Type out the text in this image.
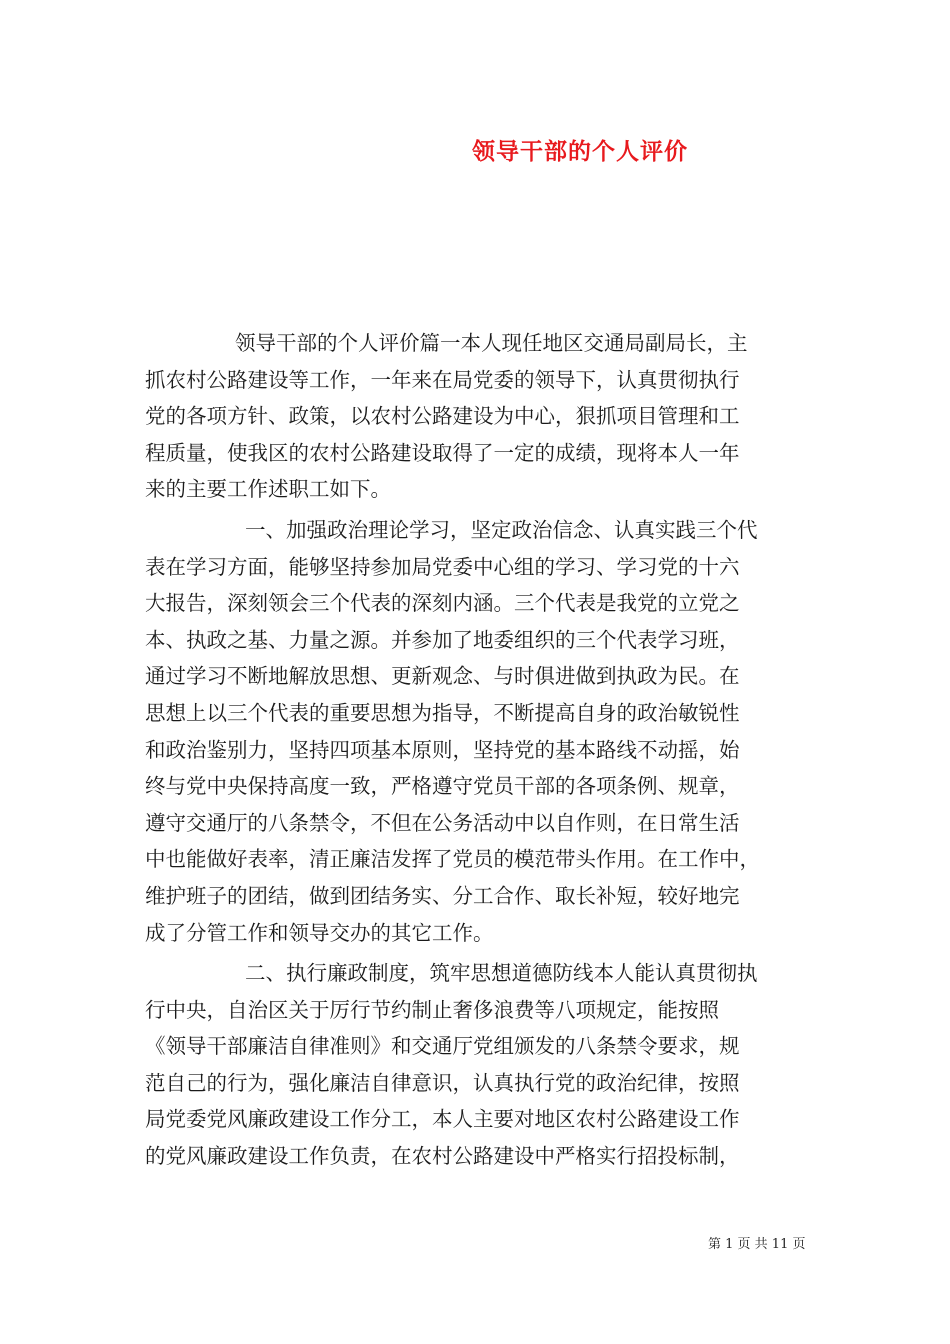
领导干部的个人评价
领导干部的个人评价篇一本人现任地区交通局副局长，主
抓农村公路建设等工作，一年来在局党委的领导下，认真贯彻执行
党的各项方针、政策，以农村公路建设为中心，狠抓项目管理和工
程质量，使我区的农村公路建设取得了一定的成绩，现将本人一年
来的主要工作述职工如下。
一、加强政治理论学习，坚定政治信念、认真实践三个代
表在学习方面，能够坚持参加局党委中心组的学习、学习党的十六
大报告，深刻领会三个代表的深刻内涵。三个代表是我党的立党之
本、执政之基、力量之源。并参加了地委组织的三个代表学习班，
通过学习不断地解放思想、更新观念、与时俱进做到执政为民。在
思想上以三个代表的重要思想为指导，不断提高自身的政治敏锐性
和政治鉴别力，坚持四项基本原则，坚持党的基本路线不动摇，始
终与党中央保持高度一致，严格遵守党员干部的各项条例、规章，
遵守交通厅的八条禁令，不但在公务活动中以自作则，在日常生活
中也能做好表率，清正廉洁发挥了党员的模范带头作用。在工作中，
维护班子的团结，做到团结务实、分工合作、取长补短，较好地完
成了分管工作和领导交办的其它工作。
二、执行廉政制度，筑牢思想道德防线本人能认真贯彻执
行中央，自治区关于厉行节约制止奢侈浪费等八项规定，能按照
《领导干部廉洁自律准则》和交通厅党组颁发的八条禁令要求，规
范自己的行为，强化廉洁自律意识，认真执行党的政治纪律，按照
局党委党风廉政建设工作分工，本人主要对地区农村公路建设工作
的党风廉政建设工作负责，在农村公路建设中严格实行招投标制，
第 1 页 共 11 页
